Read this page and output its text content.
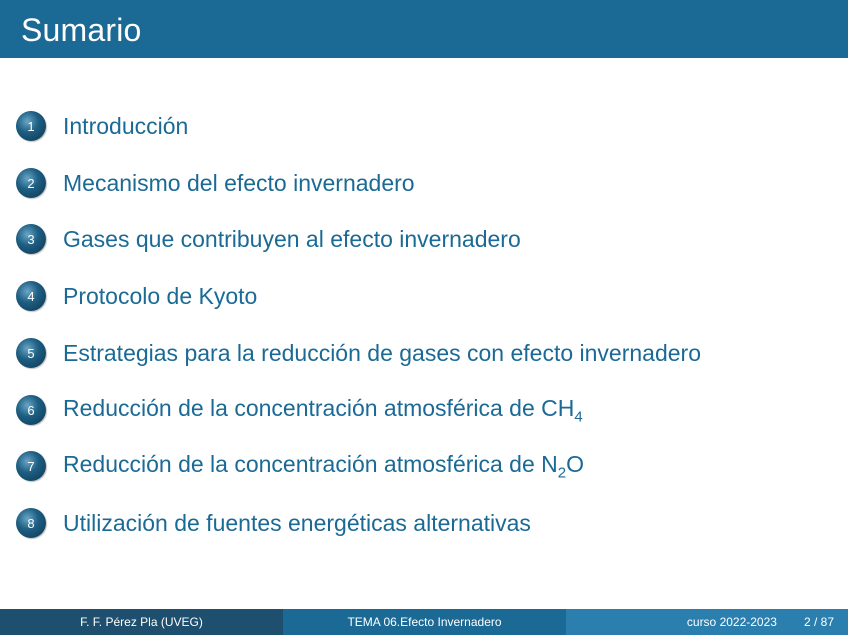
Sumario
1	Introducción
2	Mecanismo del efecto invernadero
3	Gases que contribuyen al efecto invernadero
4	Protocolo de Kyoto
5	Estrategias para la reducción de gases con efecto invernadero
6	Reducción de la concentración atmosférica de $CH_4$
7	Reducción de la concentración atmosférica de $N_2O$
8	Utilización de fuentes energéticas alternativas
F. F. Pérez Pla (UVEG)	TEMA 06.Efecto Invernadero	curso 2022-2023 2 / 87
